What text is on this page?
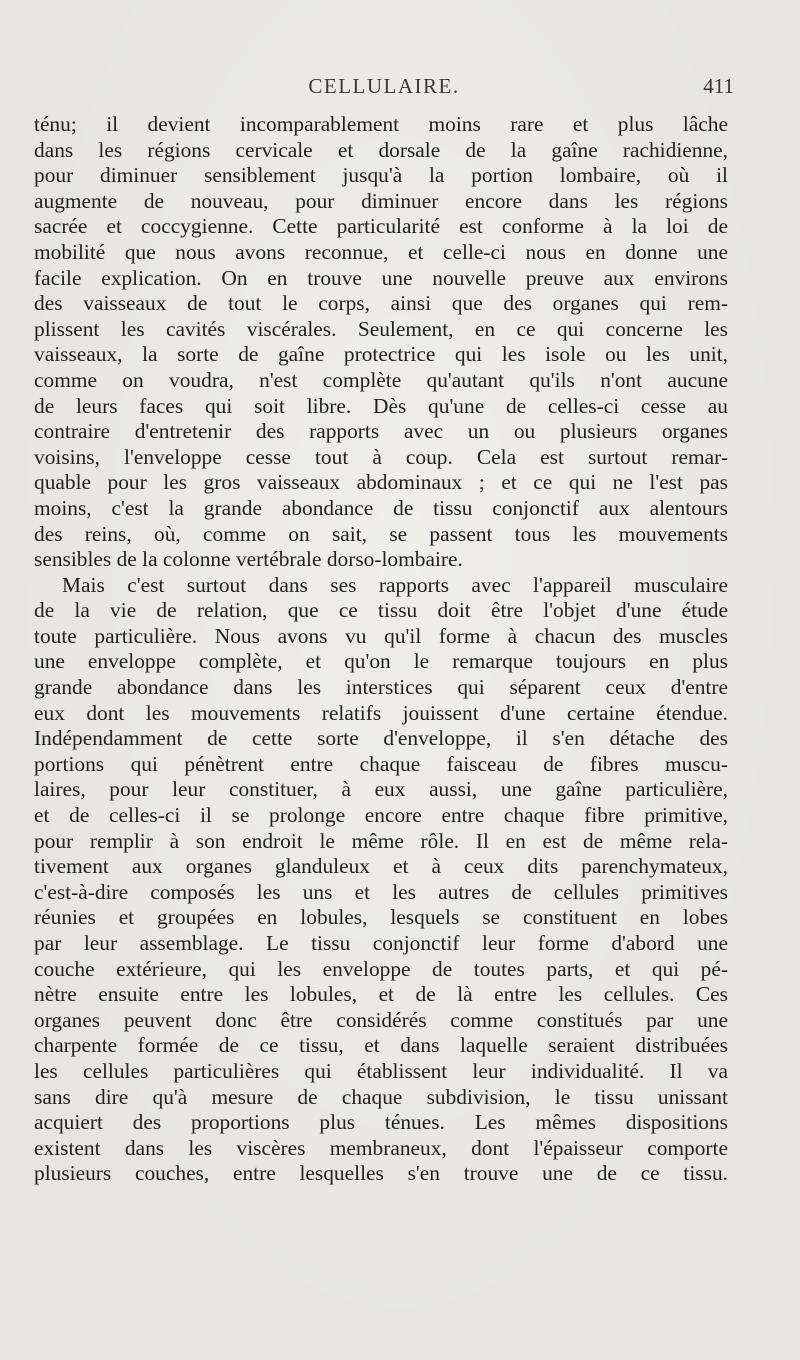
CELLULAIRE.	411
ténu; il devient incomparablement moins rare et plus lâche
dans les régions cervicale et dorsale de la gaîne rachidienne,
pour diminuer sensiblement jusqu'à la portion lombaire, où il
augmente de nouveau, pour diminuer encore dans les régions
sacrée et coccygienne. Cette particularité est conforme à la loi de
mobilité que nous avons reconnue, et celle-ci nous en donne une
facile explication. On en trouve une nouvelle preuve aux environs
des vaisseaux de tout le corps, ainsi que des organes qui rem-
plissent les cavités viscérales. Seulement, en ce qui concerne les
vaisseaux, la sorte de gaîne protectrice qui les isole ou les unit,
comme on voudra, n'est complète qu'autant qu'ils n'ont aucune
de leurs faces qui soit libre. Dès qu'une de celles-ci cesse au
contraire d'entretenir des rapports avec un ou plusieurs organes
voisins, l'enveloppe cesse tout à coup. Cela est surtout remar-
quable pour les gros vaisseaux abdominaux ; et ce qui ne l'est pas
moins, c'est la grande abondance de tissu conjonctif aux alentours
des reins, où, comme on sait, se passent tous les mouvements
sensibles de la colonne vertébrale dorso-lombaire.
Mais c'est surtout dans ses rapports avec l'appareil musculaire
de la vie de relation, que ce tissu doit être l'objet d'une étude
toute particulière. Nous avons vu qu'il forme à chacun des muscles
une enveloppe complète, et qu'on le remarque toujours en plus
grande abondance dans les interstices qui séparent ceux d'entre
eux dont les mouvements relatifs jouissent d'une certaine étendue.
Indépendamment de cette sorte d'enveloppe, il s'en détache des
portions qui pénètrent entre chaque faisceau de fibres muscu-
laires, pour leur constituer, à eux aussi, une gaîne particulière,
et de celles-ci il se prolonge encore entre chaque fibre primitive,
pour remplir à son endroit le même rôle. Il en est de même rela-
tivement aux organes glanduleux et à ceux dits parenchymateux,
c'est-à-dire composés les uns et les autres de cellules primitives
réunies et groupées en lobules, lesquels se constituent en lobes
par leur assemblage. Le tissu conjonctif leur forme d'abord une
couche extérieure, qui les enveloppe de toutes parts, et qui pé-
nètre ensuite entre les lobules, et de là entre les cellules. Ces
organes peuvent donc être considérés comme constitués par une
charpente formée de ce tissu, et dans laquelle seraient distribuées
les cellules particulières qui établissent leur individualité. Il va
sans dire qu'à mesure de chaque subdivision, le tissu unissant
acquiert des proportions plus ténues. Les mêmes dispositions
existent dans les viscères membraneux, dont l'épaisseur comporte
plusieurs couches, entre lesquelles s'en trouve une de ce tissu.
